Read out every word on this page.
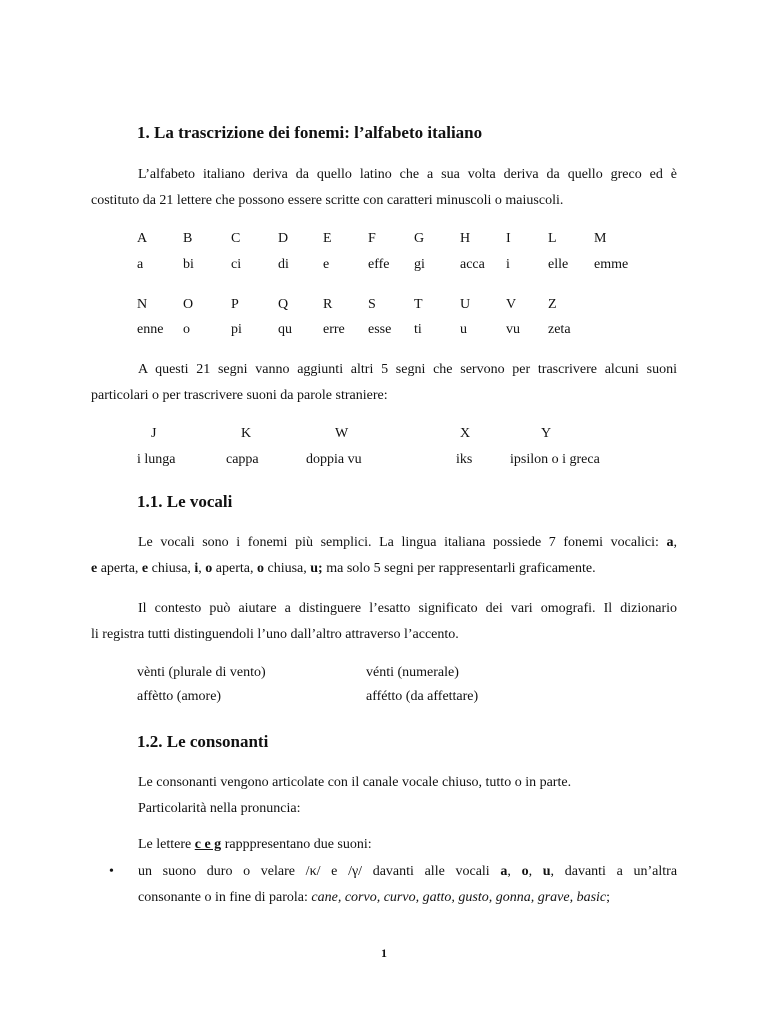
1. La trascrizione dei fonemi: l’alfabeto italiano
L’alfabeto italiano deriva da quello latino che a sua volta deriva da quello greco ed è
costituto da 21 lettere che possono essere scritte con caratteri minuscoli o maiuscoli.
A
a
B
bi
C
ci
D
di
E
e
F
effe
G
gi
H
acca
I
i
L
elle
M
emme
N
enne
O
o
P
pi
Q
qu
R
erre
S
esse
T
ti
U
u
V
vu
Z
zeta
A questi 21 segni vanno aggiunti altri 5 segni che servono per trascrivere alcuni suoni
particolari o per trascrivere suoni da parole straniere:
J
i lunga
K
cappa
W
doppia vu
X
iks
Y
ipsilon o i greca
1.1. Le vocali
Le vocali sono i fonemi più semplici. La lingua italiana possiede 7 fonemi vocalici: a,
e aperta, e chiusa, i, o aperta, o chiusa, u; ma solo 5 segni per rappresentarli graficamente.
Il contesto può aiutare a distinguere l’esatto significato dei vari omografi. Il dizionario
li registra tutti distinguendoli l’uno dall’altro attraverso l’accento.
vènti (plurale di vento)	vénti (numerale)
affètto (amore)	affétto (da affettare)
1.2. Le consonanti
Le consonanti vengono articolate con il canale vocale chiuso, tutto o in parte.
Particolarità nella pronuncia:
Le lettere c e g rapppresentano due suoni:
• un suono duro o velare /κ/ e /γ/ davanti alle vocali a, o, u, davanti a un’altra
consonante o in fine di parola: cane, corvo, curvo, gatto, gusto, gonna, grave, basic;
1
